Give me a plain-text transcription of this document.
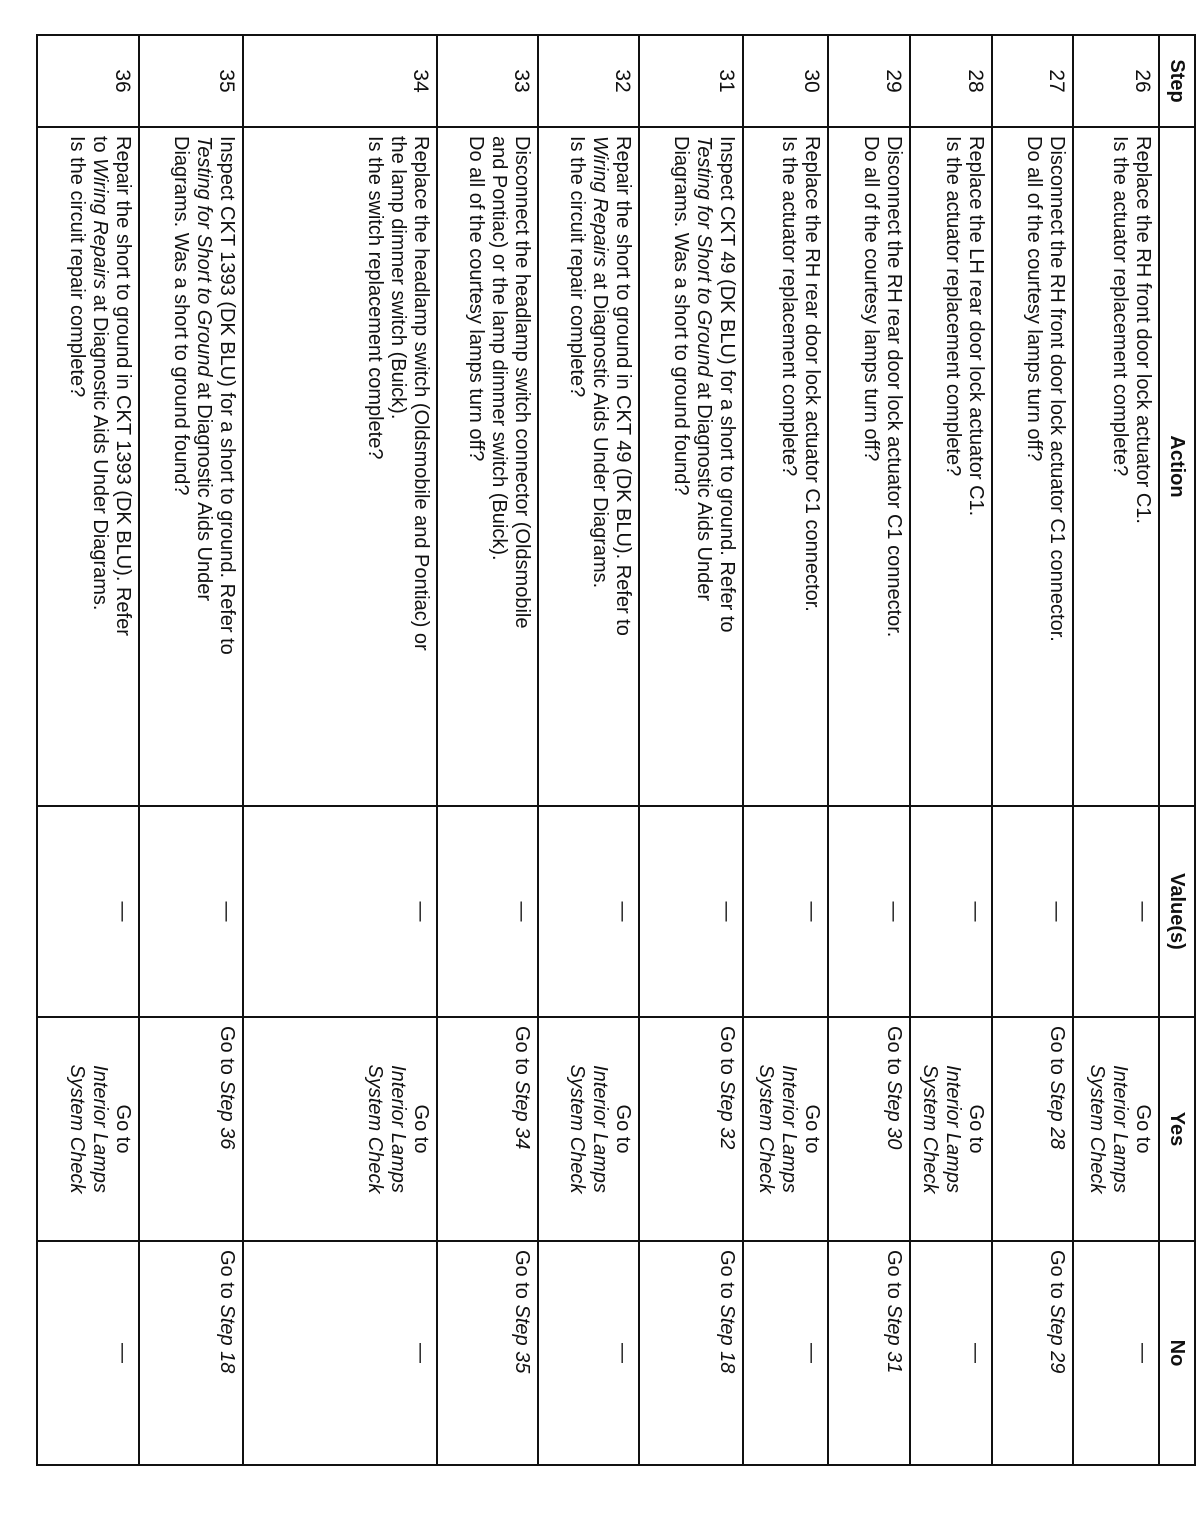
Step	Action	Value(s)	Yes	No
26	Replace the RH front door lock actuator C1.
Is the actuator replacement complete?	—	Go to
Interior Lamps
System Check	—
27	Disconnect the RH front door lock actuator C1 connector.
Do all of the courtesy lamps turn off?	—	Go to Step 28	Go to Step 29
28	Replace the LH rear door lock actuator C1.
Is the actuator replacement complete?	—	Go to
Interior Lamps
System Check	—
29	Disconnect the RH rear door lock actuator C1 connector.
Do all of the courtesy lamps turn off?	—	Go to Step 30	Go to Step 31
30	Replace the RH rear door lock actuator C1 connector.
Is the actuator replacement complete?	—	Go to
Interior Lamps
System Check	—
31	Inspect CKT 49 (DK BLU) for a short to ground. Refer to
Testing for Short to Ground at Diagnostic Aids Under
Diagrams. Was a short to ground found?	—	Go to Step 32	Go to Step 18
32	Repair the short to ground in CKT 49 (DK BLU). Refer to
Wiring Repairs at Diagnostic Aids Under Diagrams.
Is the circuit repair complete?	—	Go to
Interior Lamps
System Check	—
33	Disconnect the headlamp switch connector (Oldsmobile
and Pontiac) or the lamp dimmer switch (Buick).
Do all of the courtesy lamps turn off?	—	Go to Step 34	Go to Step 35
34	Replace the headlamp switch (Oldsmobile and Pontiac) or
the lamp dimmer switch (Buick).
Is the switch replacement complete?	—	Go to
Interior Lamps
System Check	—
35	Inspect CKT 1393 (DK BLU) for a short to ground. Refer to
Testing for Short to Ground at Diagnostic Aids Under
Diagrams. Was a short to ground found?	—	Go to Step 36	Go to Step 18
36	Repair the short to ground in CKT 1393 (DK BLU). Refer
to Wiring Repairs at Diagnostic Aids Under Diagrams.
Is the circuit repair complete?	—	Go to
Interior Lamps
System Check	—
